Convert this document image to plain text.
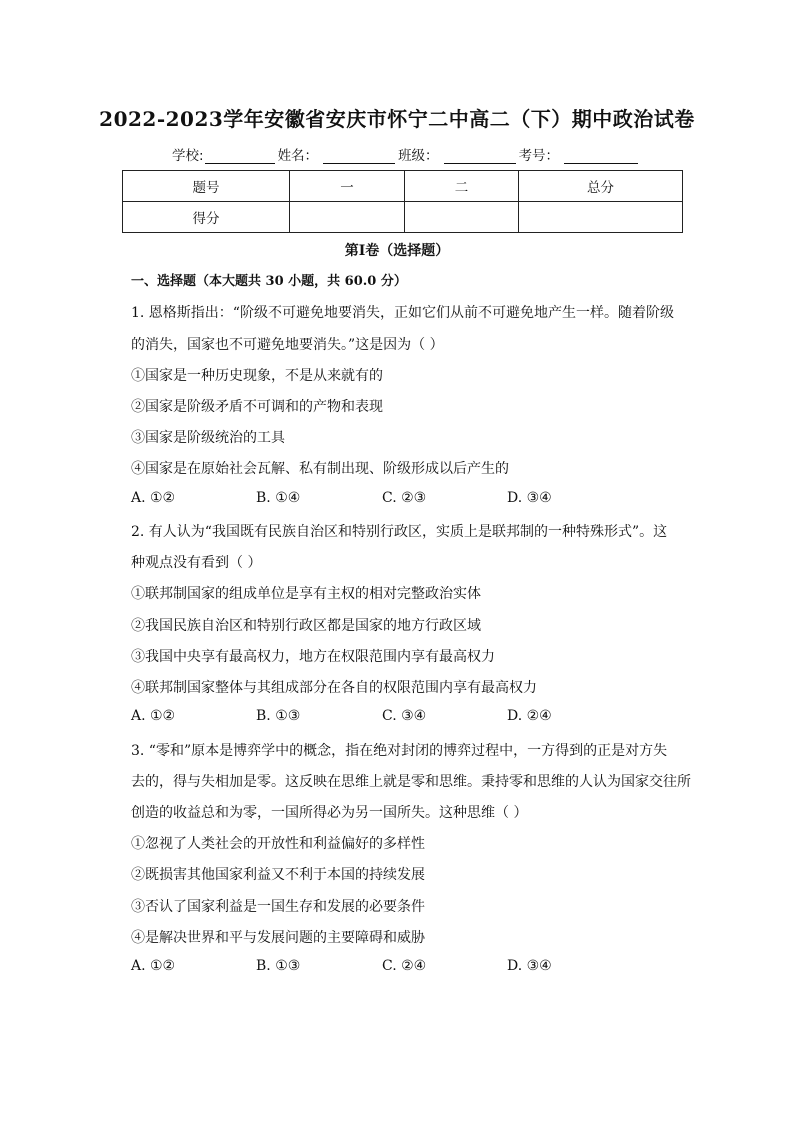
2022-2023学年安徽省安庆市怀宁二中高二（下）期中政治试卷
学校:	姓名：	班级：	考号：
题号	一	二	总分
得分			
第I卷（选择题）
一、选择题（本大题共 30 小题，共 60.0 分）
1. 恩格斯指出：“阶级不可避免地要消失，正如它们从前不可避免地产生一样。随着阶级
的消失，国家也不可避免地要消失。”这是因为（ ）
①国家是一种历史现象，不是从来就有的
②国家是阶级矛盾不可调和的产物和表现
③国家是阶级统治的工具
④国家是在原始社会瓦解、私有制出现、阶级形成以后产生的
A. ①②	B. ①④	C. ②③	D. ③④
2. 有人认为“我国既有民族自治区和特别行政区，实质上是联邦制的一种特殊形式”。这
种观点没有看到（ ）
①联邦制国家的组成单位是享有主权的相对完整政治实体
②我国民族自治区和特别行政区都是国家的地方行政区域
③我国中央享有最高权力，地方在权限范围内享有最高权力
④联邦制国家整体与其组成部分在各自的权限范围内享有最高权力
A. ①②	B. ①③	C. ③④	D. ②④
3. “零和”原本是博弈学中的概念，指在绝对封闭的博弈过程中，一方得到的正是对方失
去的，得与失相加是零。这反映在思维上就是零和思维。秉持零和思维的人认为国家交往所
创造的收益总和为零，一国所得必为另一国所失。这种思维（ ）
①忽视了人类社会的开放性和利益偏好的多样性
②既损害其他国家利益又不利于本国的持续发展
③否认了国家利益是一国生存和发展的必要条件
④是解决世界和平与发展问题的主要障碍和威胁
A. ①②	B. ①③	C. ②④	D. ③④
